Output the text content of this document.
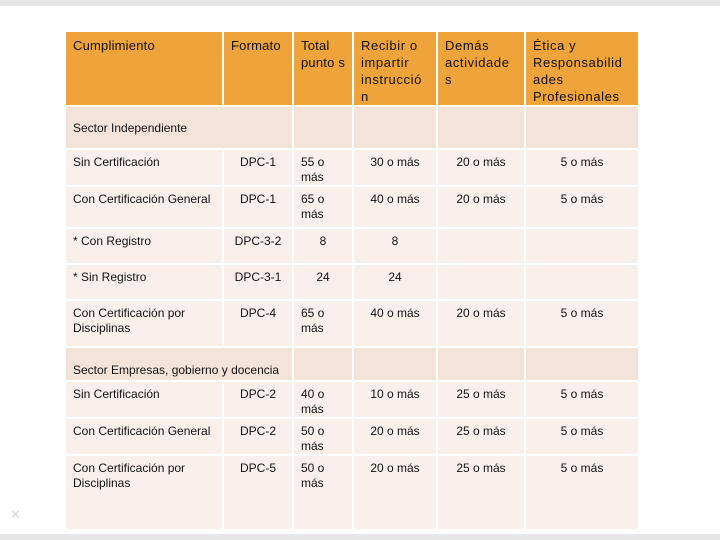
Cumplimiento	Formato	Total punto s	Recibir o impartir instrucció n	Demás actividade s	Ética y Responsabilid ades Profesionales
Sector Independiente					
Sin Certificación	DPC-1	55 o más	30 o más	20 o más	5 o más
Con Certificación General	DPC-1	65 o más	40 o más	20 o más	5 o más
* Con Registro	DPC-3-2	8	8		
* Sin Registro	DPC-3-1	24	24		
Con Certificación por Disciplinas	DPC-4	65 o más	40 o más	20 o más	5 o más
Sector Empresas, gobierno y docencia					
Sin Certificación	DPC-2	40 o más	10 o más	25 o más	5 o más
Con Certificación General	DPC-2	50 o más	20 o más	25 o más	5 o más
Con Certificación por Disciplinas	DPC-5	50 o más	20 o más	25 o más	5 o más
✕
